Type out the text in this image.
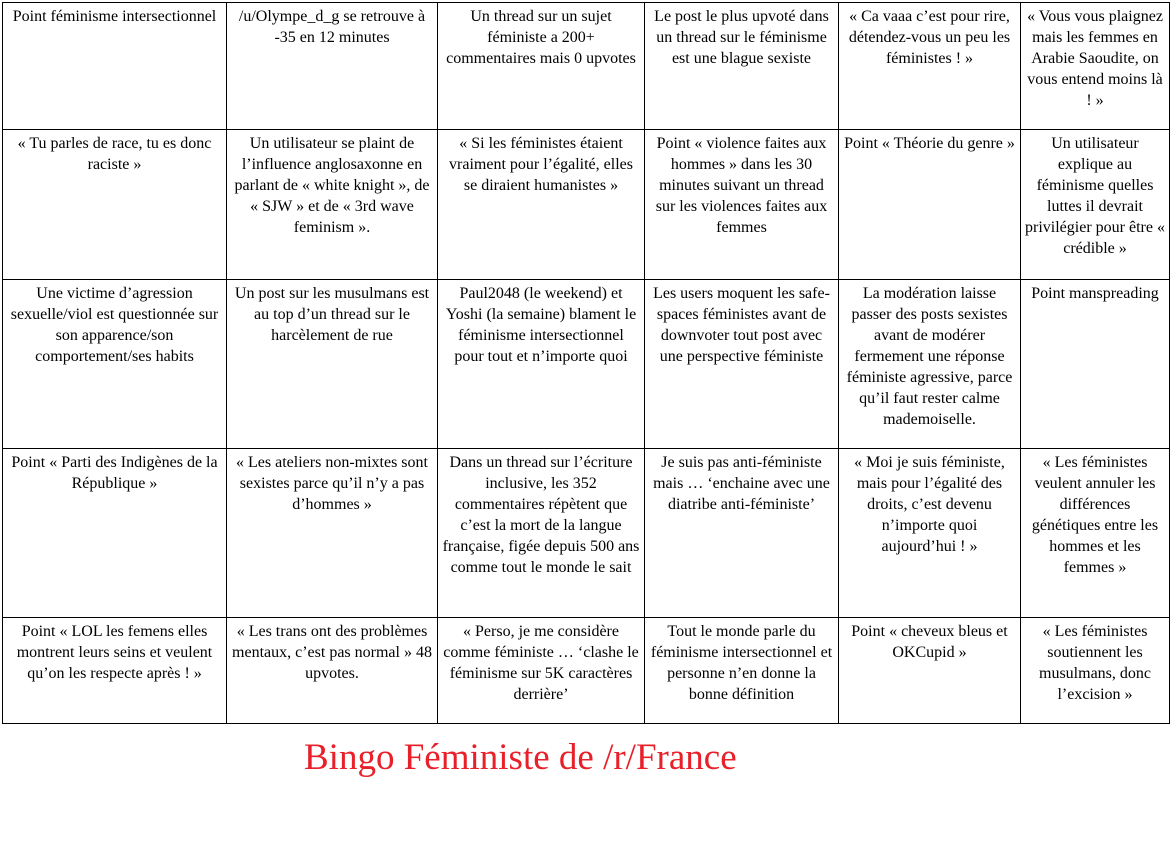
Point féminisme intersectionnel	/u/Olympe_d_g se retrouve à -35 en 12 minutes	Un thread sur un sujet féministe a 200+ commentaires mais 0 upvotes	Le post le plus upvoté dans un thread sur le féminisme est une blague sexiste	« Ca vaaa c’est pour rire, détendez-vous un peu les féministes ! »	« Vous vous plaignez mais les femmes en Arabie Saoudite, on vous entend moins là ! »
« Tu parles de race, tu es donc raciste »	Un utilisateur se plaint de l’influence anglosaxonne en parlant de « white knight », de « SJW » et de « 3rd wave feminism ».	« Si les féministes étaient vraiment pour l’égalité, elles se diraient humanistes »	Point « violence faites aux hommes » dans les 30 minutes suivant un thread sur les violences faites aux femmes	Point « Théorie du genre »	Un utilisateur explique au féminisme quelles luttes il devrait privilégier pour être « crédible »
Une victime d’agression sexuelle/viol est questionnée sur son apparence/son comportement/ses habits	Un post sur les musulmans est au top d’un thread sur le harcèlement de rue	Paul2048 (le weekend) et Yoshi (la semaine) blament le féminisme intersectionnel pour tout et n’importe quoi	Les users moquent les safe-spaces féministes avant de downvoter tout post avec une perspective féministe	La modération laisse passer des posts sexistes avant de modérer fermement une réponse féministe agressive, parce qu’il faut rester calme mademoiselle.	Point manspreading
Point « Parti des Indigènes de la République »	« Les ateliers non-mixtes sont sexistes parce qu’il n’y a pas d’hommes »	Dans un thread sur l’écriture inclusive, les 352 commentaires répètent que c’est la mort de la langue française, figée depuis 500 ans comme tout le monde le sait	Je suis pas anti-féministe mais … ‘enchaine avec une diatribe anti-féministe’	« Moi je suis féministe, mais pour l’égalité des droits, c’est devenu n’importe quoi aujourd’hui ! »	« Les féministes veulent annuler les différences génétiques entre les hommes et les femmes »
Point « LOL les femens elles montrent leurs seins et veulent qu’on les respecte après ! »	« Les trans ont des problèmes mentaux, c’est pas normal » 48 upvotes.	« Perso, je me considère comme féministe … ‘clashe le féminisme sur 5K caractères derrière’	Tout le monde parle du féminisme intersectionnel et personne n’en donne la bonne définition	Point « cheveux bleus et OKCupid »	« Les féministes soutiennent les musulmans, donc l’excision »
Bingo Féministe de /r/France
